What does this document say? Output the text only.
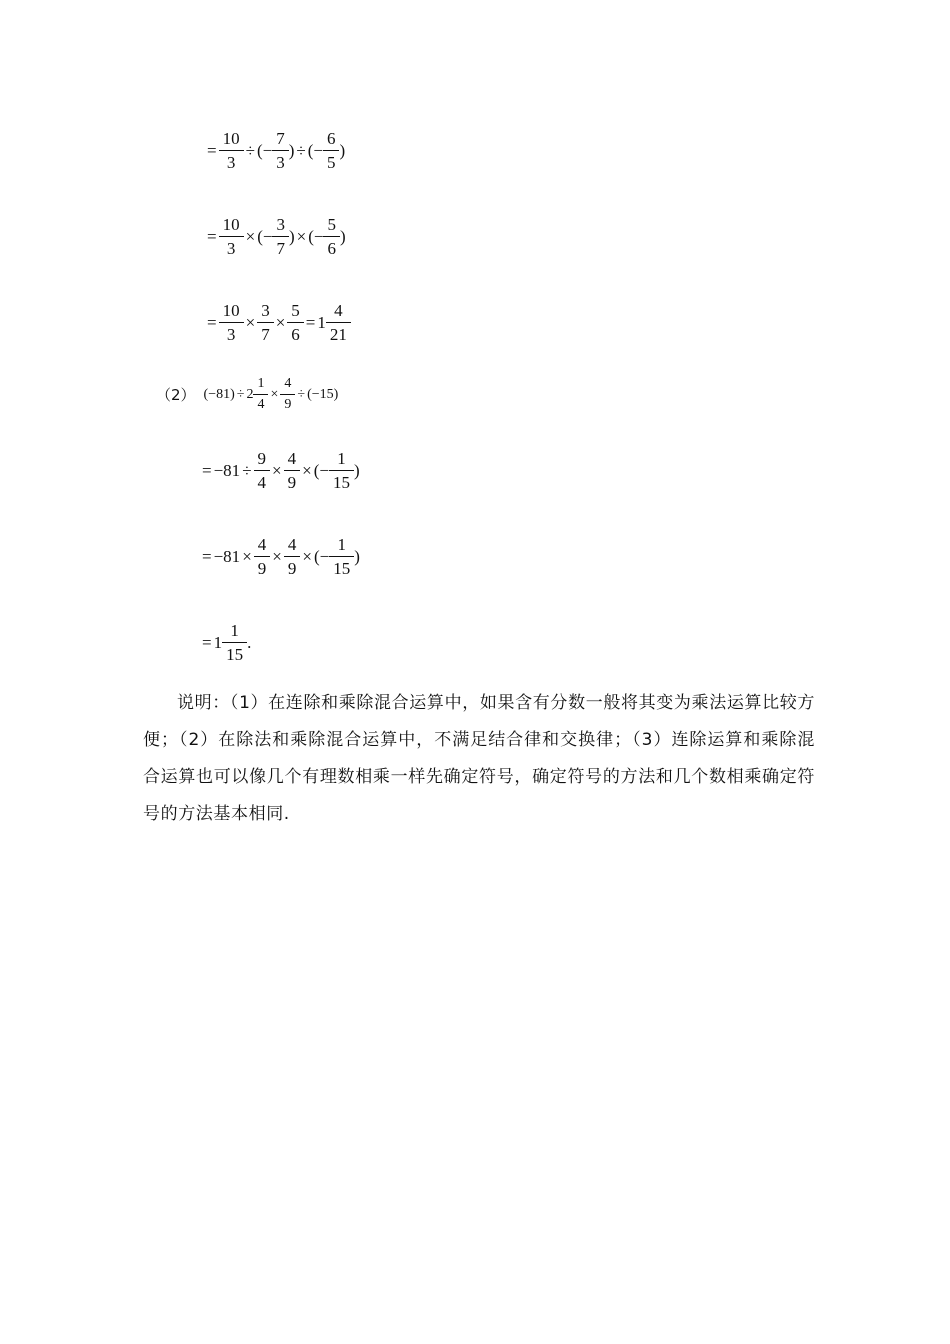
= $\frac{10}{3}$ ÷ (− $\frac{7}{3}$ ) ÷ (− $\frac{6}{5}$ )
= $\frac{10}{3}$ × (− $\frac{3}{7}$ ) × (− $\frac{5}{6}$ )
= $\frac{10}{3} \times \frac{3}{7} \times \frac{5}{6} = 1 \frac{4}{21}$
（2） $(-81) \div 2 \frac{1}{4} \times \frac{4}{9} \div (-15)$
= $-81 \div \frac{9}{4} \times \frac{4}{9}$ × (− $\frac{1}{15}$ )
= $-81 \times \frac{4}{9} \times \frac{4}{9}$ × (− $\frac{1}{15}$ )
= $1 \frac{1}{15}$ .
说明：（1）在连除和乘除混合运算中，如果含有分数一般将其变为乘法运算比较方便；（2）在除法和乘除混合运算中，不满足结合律和交换律；（3）连除运算和乘除混合运算也可以像几个有理数相乘一样先确定符号，确定符号的方法和几个数相乘确定符号的方法基本相同.
